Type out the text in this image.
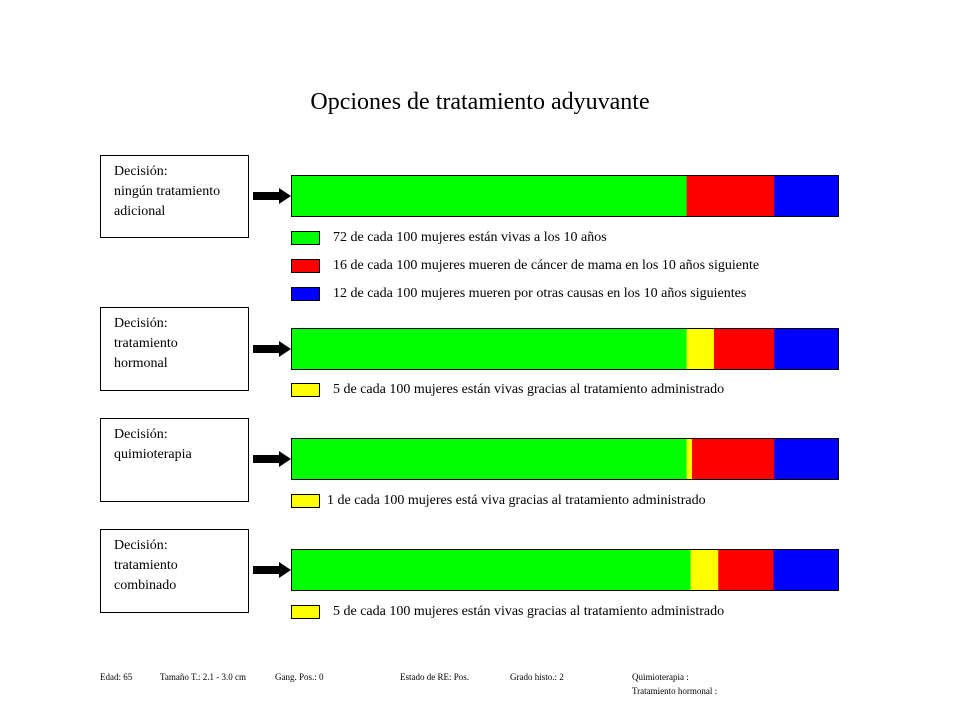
Opciones de tratamiento adyuvante
Decisión:
ningún tratamiento
adicional
72 de cada 100 mujeres están vivas a los 10 años
16 de cada 100 mujeres mueren de cáncer de mama en los 10 años siguiente
12 de cada 100 mujeres mueren por otras causas en los 10 años siguientes
Decisión:
tratamiento
hormonal
5 de cada 100 mujeres están vivas gracias al tratamiento administrado
Decisión:
quimioterapia
1 de cada 100 mujeres está viva gracias al tratamiento administrado
Decisión:
tratamiento
combinado
5 de cada 100 mujeres están vivas gracias al tratamiento administrado
Edad: 65	Tamaño T.: 2.1 - 3.0 cm	Gang. Pos.: 0	Estado de RE: Pos.	Grado histo.: 2	Quimioterapia :
Tratamiento hormonal :
